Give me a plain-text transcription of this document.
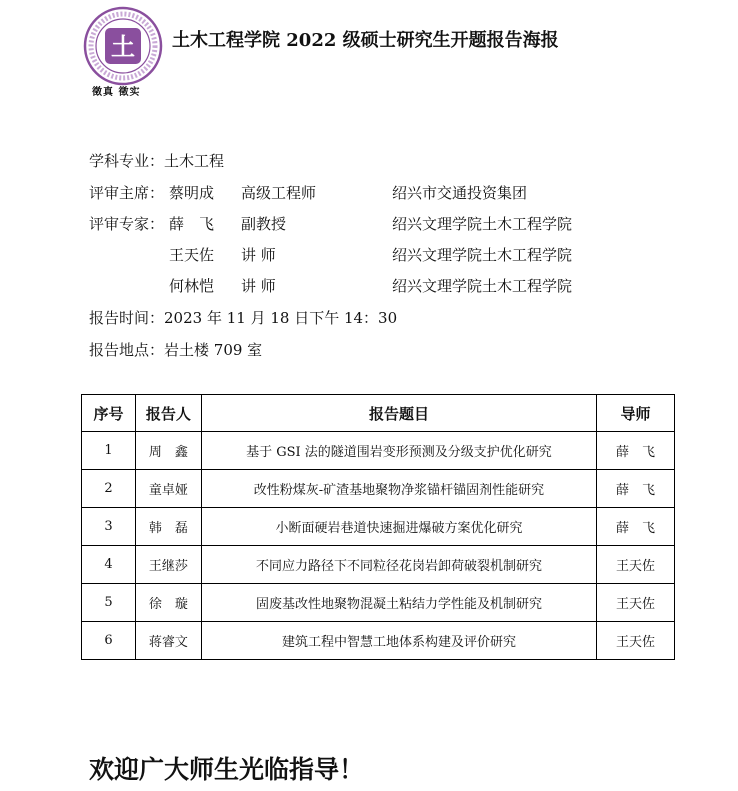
土
徵真 徵实
土木工程学院 2022 级硕士研究生开题报告海报
学科专业：土木工程
评审主席： 蔡明成 高级工程师	绍兴市交通投资集团
评审专家： 薛　飞 副教授	绍兴文理学院土木工程学院
王天佐 讲 师	绍兴文理学院土木工程学院
何林恺 讲 师	绍兴文理学院土木工程学院
报告时间：2023 年 11 月 18 日下午 14：30
报告地点：岩土楼 709 室
序号	报告人	报告题目	导师
1	周　鑫	基于 GSI 法的隧道围岩变形预测及分级支护优化研究	薛　飞
2	童卓娅	改性粉煤灰-矿渣基地聚物净浆锚杆锚固剂性能研究	薛　飞
3	韩　磊	小断面硬岩巷道快速掘进爆破方案优化研究	薛　飞
4	王继莎	不同应力路径下不同粒径花岗岩卸荷破裂机制研究	王天佐
5	徐　璇	固废基改性地聚物混凝土粘结力学性能及机制研究	王天佐
6	蒋睿文	建筑工程中智慧工地体系构建及评价研究	王天佐
欢迎广大师生光临指导！
